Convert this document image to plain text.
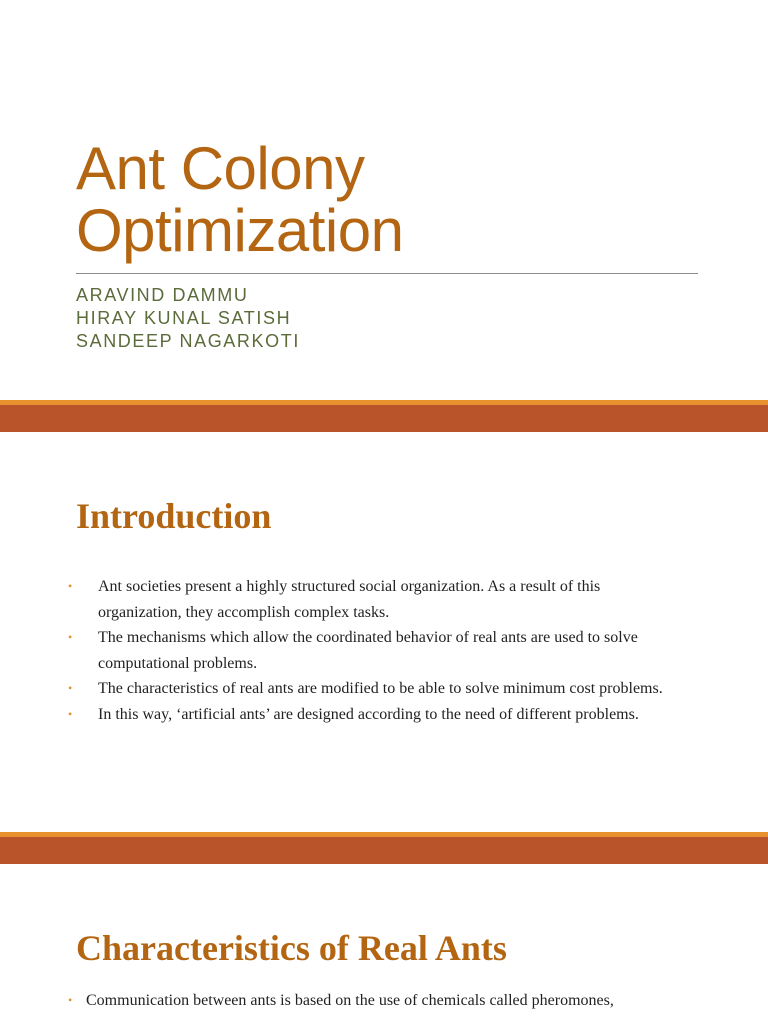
Ant Colony
Optimization
ARAVIND DAMMU
HIRAY KUNAL SATISH
SANDEEP NAGARKOTI
Introduction
• Ant societies present a highly structured social organization. As a result of this organization, they accomplish complex tasks.
• The mechanisms which allow the coordinated behavior of real ants are used to solve computational problems.
• The characteristics of real ants are modified to be able to solve minimum cost problems.
• In this way, ‘artificial ants’ are designed according to the need of different problems.
Characteristics of Real Ants
• Communication between ants is based on the use of chemicals called pheromones,
